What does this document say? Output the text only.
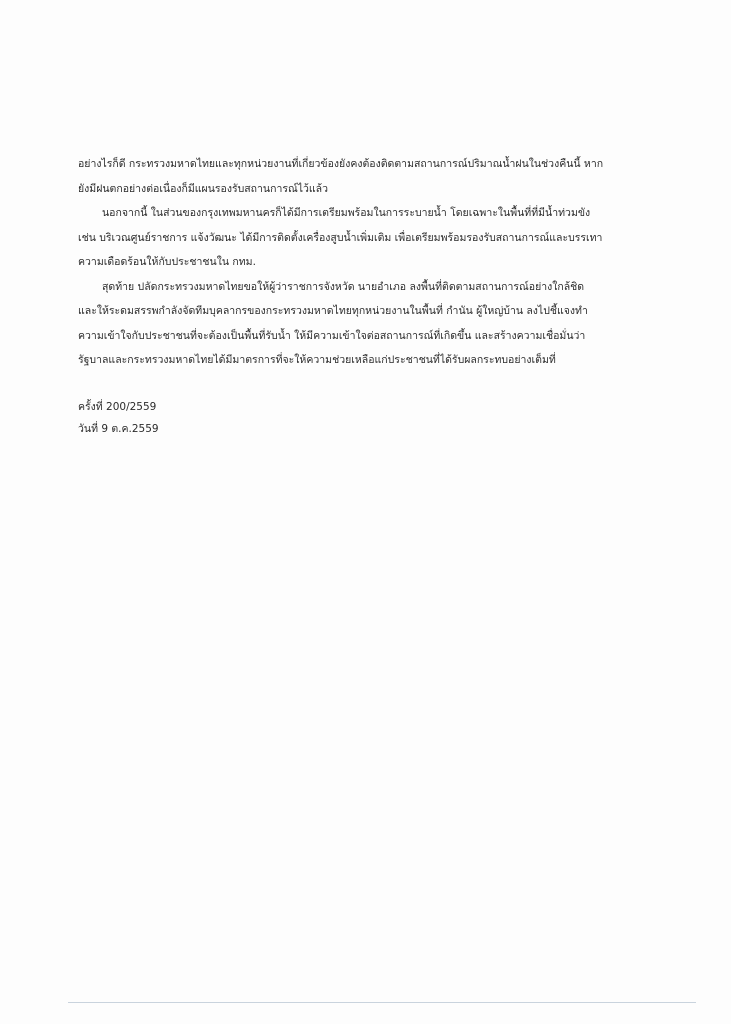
อย่างไรก็ดี กระทรวงมหาดไทยและทุกหน่วยงานที่เกี่ยวข้องยังคงต้องติดตามสถานการณ์ปริมาณน้ำฝนในช่วงคืนนี้ หาก
ยังมีฝนตกอย่างต่อเนื่องก็มีแผนรองรับสถานการณ์ไว้แล้ว

นอกจากนี้ ในส่วนของกรุงเทพมหานครก็ได้มีการเตรียมพร้อมในการระบายน้ำ โดยเฉพาะในพื้นที่ที่มีน้ำท่วมขัง
เช่น บริเวณศูนย์ราชการ แจ้งวัฒนะ ได้มีการติดตั้งเครื่องสูบน้ำเพิ่มเติม เพื่อเตรียมพร้อมรองรับสถานการณ์และบรรเทา
ความเดือดร้อนให้กับประชาชนใน กทม.

สุดท้าย ปลัดกระทรวงมหาดไทยขอให้ผู้ว่าราชการจังหวัด นายอำเภอ ลงพื้นที่ติดตามสถานการณ์อย่างใกล้ชิด
และให้ระดมสรรพกำลังจัดทีมบุคลากรของกระทรวงมหาดไทยทุกหน่วยงานในพื้นที่ กำนัน ผู้ใหญ่บ้าน ลงไปชี้แจงทำ
ความเข้าใจกับประชาชนที่จะต้องเป็นพื้นที่รับน้ำ ให้มีความเข้าใจต่อสถานการณ์ที่เกิดขึ้น และสร้างความเชื่อมั่นว่า
รัฐบาลและกระทรวงมหาดไทยได้มีมาตรการที่จะให้ความช่วยเหลือแก่ประชาชนที่ได้รับผลกระทบอย่างเต็มที่

ครั้งที่ 200/2559
วันที่ 9 ต.ค.2559
